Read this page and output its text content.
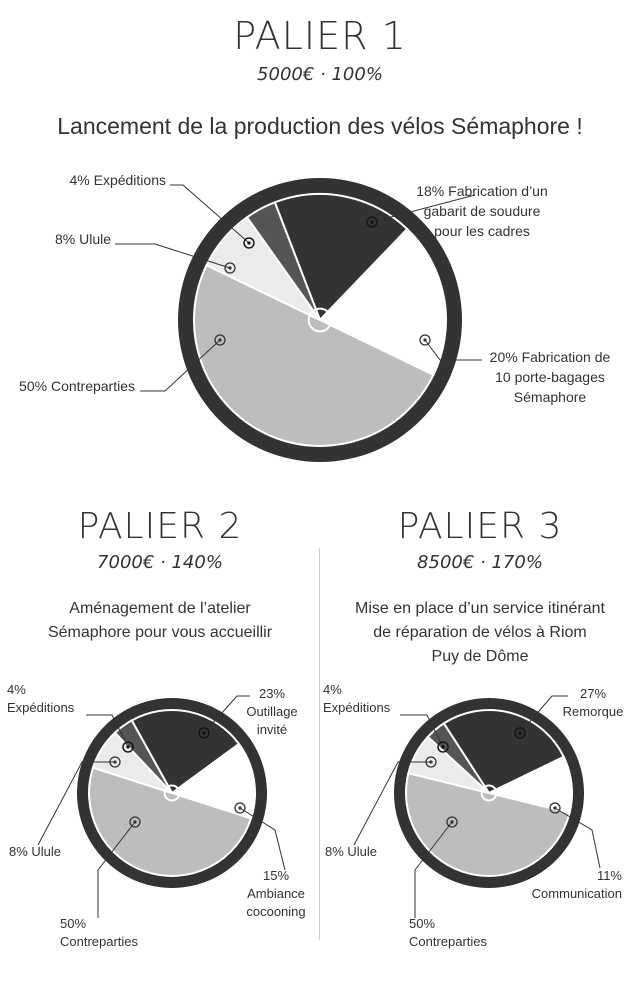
PALIER 1
5000€ · 100%
Lancement de la production des vélos Sémaphore !
PALIER 2
7000€ · 140%
Aménagement de l’atelier
Sémaphore pour vous accueillir
PALIER 3
8500€ · 170%
Mise en place d’un service itinérant
de réparation de vélos à Riom
Puy de Dôme
18% Fabrication d’un gabarit de soudure pour les cadres
20% Fabrication de 10 porte-bagages Sémaphore
50% Contreparties
8% Ulule
4% Expéditions
23% Outillage invité
15% Ambiance cocooning
50% Contreparties
8% Ulule
4% Expéditions
27% Remorque
11% Communication
50% Contreparties
8% Ulule
4% Expéditions
